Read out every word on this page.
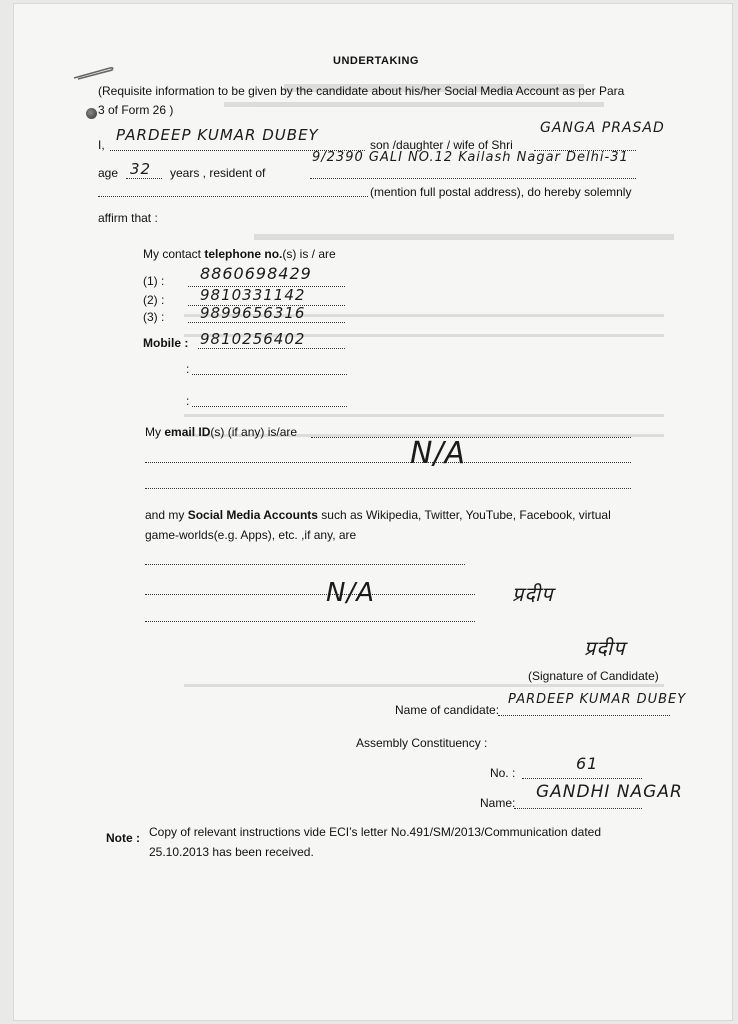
UNDERTAKING
(Requisite information to be given by the candidate about his/her Social Media Account as per Para
3 of Form 26 )
I,
PARDEEP KUMAR DUBEY
son /daughter / wife of Shri
GANGA PRASAD
age 32 years , resident of
9/2390 GALI NO.12 Kailash Nagar Delhi-31
(mention full postal address), do hereby solemnly
affirm that :
My contact telephone no.(s) is / are
(1) : 8860698429
(2) : 9810331142
(3) : 9899656316
Mobile : 9810256402
:
:
My email ID(s) (if any) is/are
N/A
and my Social Media Accounts such as Wikipedia, Twitter, YouTube, Facebook, virtual
game-worlds(e.g. Apps), etc. ,if any, are
N/A	प्रदीप
प्रदीप
(Signature of Candidate)
Name of candidate:
PARDEEP KUMAR DUBEY
Assembly Constituency :
No. :	61
Name:
GANDHI NAGAR
Note : Copy of relevant instructions vide ECI’s letter No.491/SM/2013/Communication dated
25.10.2013 has been received.
